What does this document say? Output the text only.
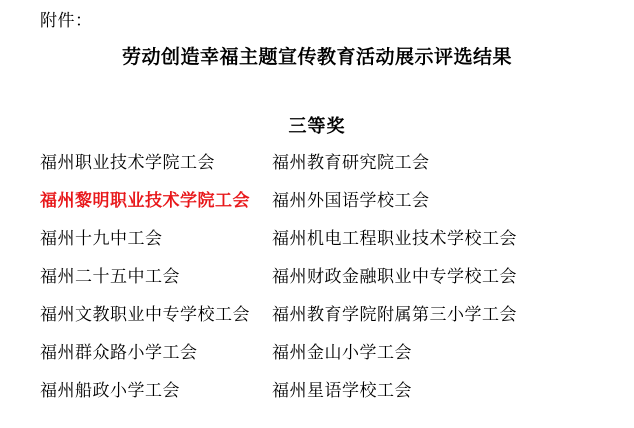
附件：
劳动创造幸福主题宣传教育活动展示评选结果
三等奖
福州职业技术学院工会	福州教育研究院工会
福州黎明职业技术学院工会	福州外国语学校工会
福州十九中工会	福州机电工程职业技术学校工会
福州二十五中工会	福州财政金融职业中专学校工会
福州文教职业中专学校工会	福州教育学院附属第三小学工会
福州群众路小学工会	福州金山小学工会
福州船政小学工会	福州星语学校工会
